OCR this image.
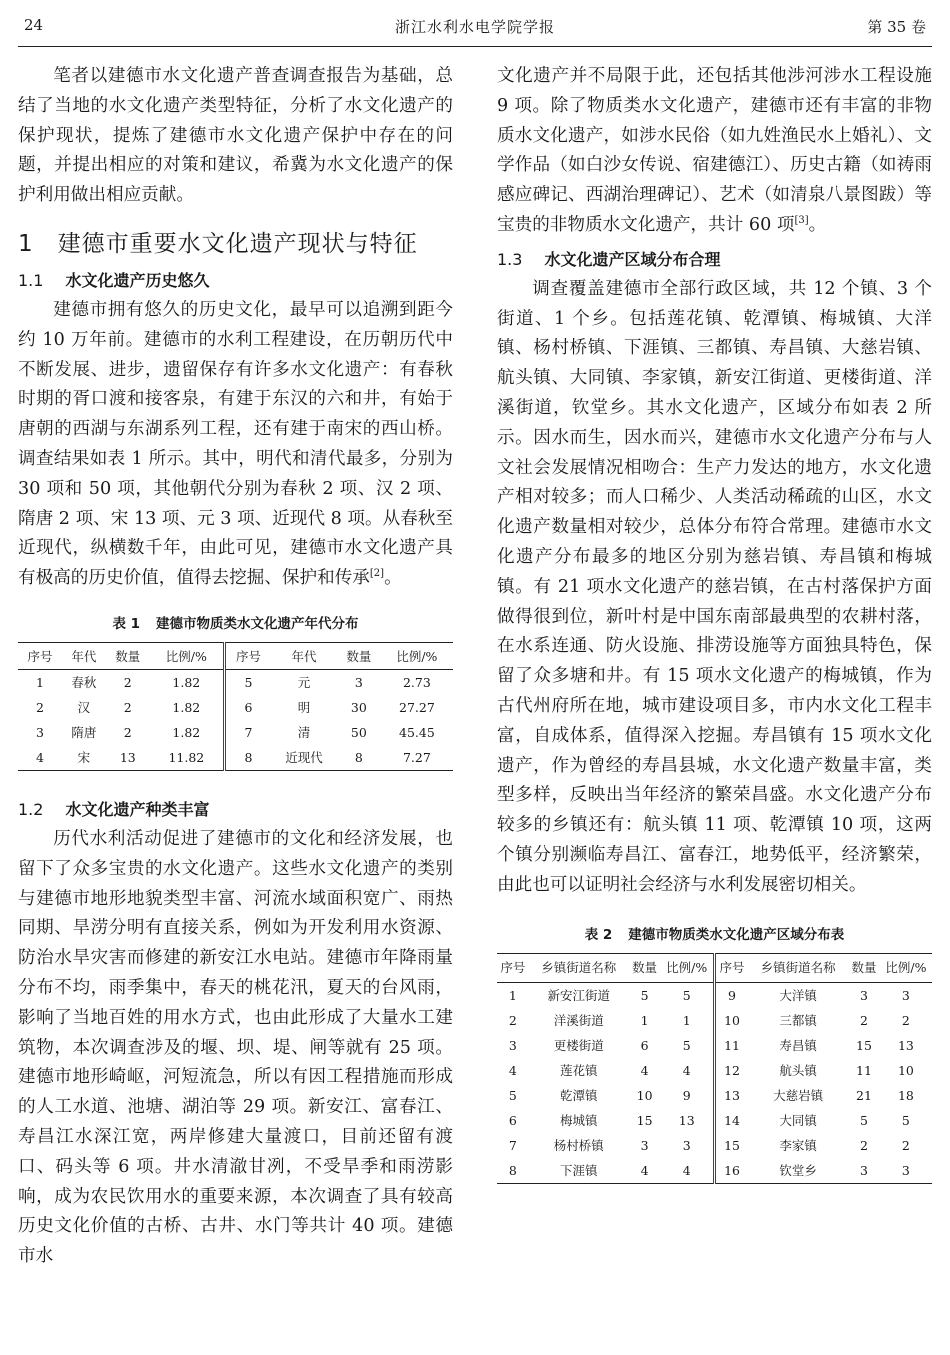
24	浙江水利水电学院学报	第 35 卷

笔者以建德市水文化遗产普查调查报告为基础，总结了当地的水文化遗产类型特征，分析了水文化遗产的保护现状，提炼了建德市水文化遗产保护中存在的问题，并提出相应的对策和建议，希冀为水文化遗产的保护利用做出相应贡献。

1 建德市重要水文化遗产现状与特征
1.1 水文化遗产历史悠久

建德市拥有悠久的历史文化，最早可以追溯到距今约 10 万年前。建德市的水利工程建设，在历朝历代中不断发展、进步，遗留保存有许多水文化遗产：有春秋时期的胥口渡和接客泉，有建于东汉的六和井，有始于唐朝的西湖与东湖系列工程，还有建于南宋的西山桥。调查结果如表 1 所示。其中，明代和清代最多，分别为 30 项和 50 项，其他朝代分别为春秋 2 项、汉 2 项、隋唐 2 项、宋 13 项、元 3 项、近现代 8 项。从春秋至近现代，纵横数千年，由此可见，建德市水文化遗产具有极高的历史价值，值得去挖掘、保护和传承[2]。

表 1 建德市物质类水文化遗产年代分布
序号	年代	数量	比例/%	序号	年代	数量	比例/%
1	春秋	2	1.82	5	元	3	2.73
2	汉	2	1.82	6	明	30	27.27
3	隋唐	2	1.82	7	清	50	45.45
4	宋	13	11.82	8	近现代	8	7.27
1.2 水文化遗产种类丰富

历代水利活动促进了建德市的文化和经济发展，也留下了众多宝贵的水文化遗产。这些水文化遗产的类别与建德市地形地貌类型丰富、河流水域面积宽广、雨热同期、旱涝分明有直接关系，例如为开发利用水资源、防治水旱灾害而修建的新安江水电站。建德市年降雨量分布不均，雨季集中，春天的桃花汛，夏天的台风雨，影响了当地百姓的用水方式，也由此形成了大量水工建筑物，本次调查涉及的堰、坝、堤、闸等就有 25 项。建德市地形崎岖，河短流急，所以有因工程措施而形成的人工水道、池塘、湖泊等 29 项。新安江、富春江、寿昌江水深江宽，两岸修建大量渡口，目前还留有渡口、码头等 6 项。井水清澈甘冽，不受旱季和雨涝影响，成为农民饮用水的重要来源，本次调查了具有较高历史文化价值的古桥、古井、水门等共计 40 项。建德市水

文化遗产并不局限于此，还包括其他涉河涉水工程设施 9 项。除了物质类水文化遗产，建德市还有丰富的非物质水文化遗产，如涉水民俗（如九姓渔民水上婚礼）、文学作品（如白沙女传说、宿建德江）、历史古籍（如祷雨感应碑记、西湖治理碑记）、艺术（如清泉八景图跋）等宝贵的非物质水文化遗产，共计 60 项[3]。

1.3 水文化遗产区域分布合理

调查覆盖建德市全部行政区域，共 12 个镇、3 个街道、1 个乡。包括莲花镇、乾潭镇、梅城镇、大洋镇、杨村桥镇、下涯镇、三都镇、寿昌镇、大慈岩镇、航头镇、大同镇、李家镇，新安江街道、更楼街道、洋溪街道，钦堂乡。其水文化遗产，区域分布如表 2 所示。因水而生，因水而兴，建德市水文化遗产分布与人文社会发展情况相吻合：生产力发达的地方，水文化遗产相对较多；而人口稀少、人类活动稀疏的山区，水文化遗产数量相对较少，总体分布符合常理。建德市水文化遗产分布最多的地区分别为慈岩镇、寿昌镇和梅城镇。有 21 项水文化遗产的慈岩镇，在古村落保护方面做得很到位，新叶村是中国东南部最典型的农耕村落，在水系连通、防火设施、排涝设施等方面独具特色，保留了众多塘和井。有 15 项水文化遗产的梅城镇，作为古代州府所在地，城市建设项目多，市内水文化工程丰富，自成体系，值得深入挖掘。寿昌镇有 15 项水文化遗产，作为曾经的寿昌县城，水文化遗产数量丰富，类型多样，反映出当年经济的繁荣昌盛。水文化遗产分布较多的乡镇还有：航头镇 11 项、乾潭镇 10 项，这两个镇分别濒临寿昌江、富春江，地势低平，经济繁荣，由此也可以证明社会经济与水利发展密切相关。

表 2 建德市物质类水文化遗产区域分布表
序号	乡镇街道名称	数量	比例/%	序号	乡镇街道名称	数量	比例/%
1	新安江街道	5	5	9	大洋镇	3	3
2	洋溪街道	1	1	10	三都镇	2	2
3	更楼街道	6	5	11	寿昌镇	15	13
4	莲花镇	4	4	12	航头镇	11	10
5	乾潭镇	10	9	13	大慈岩镇	21	18
6	梅城镇	15	13	14	大同镇	5	5
7	杨村桥镇	3	3	15	李家镇	2	2
8	下涯镇	4	4	16	钦堂乡	3	3
